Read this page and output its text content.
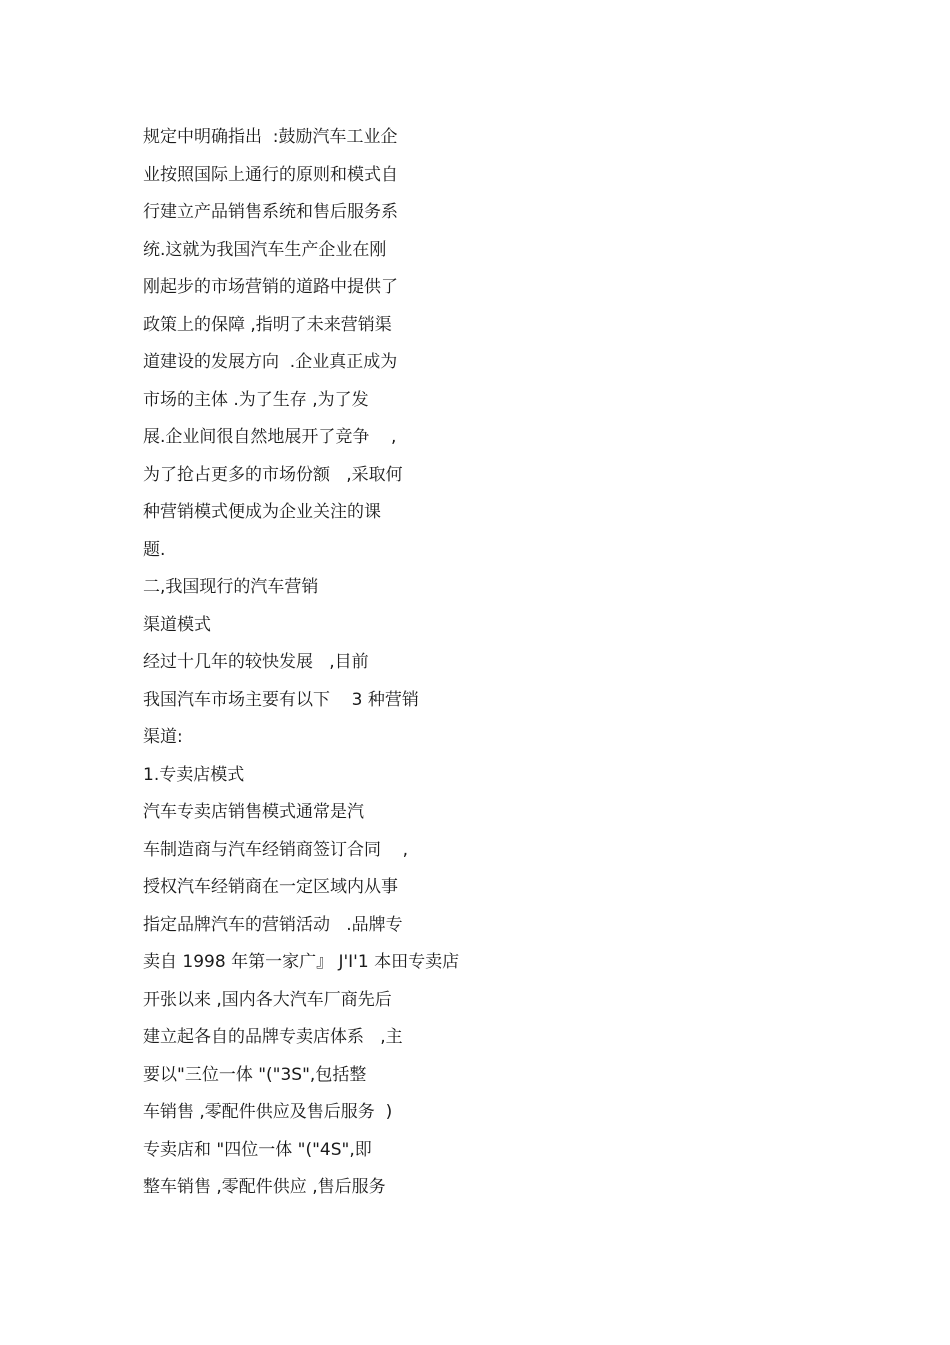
规定中明确指出  :鼓励汽车工业企
业按照国际上通行的原则和模式自
行建立产品销售系统和售后服务系
统.这就为我国汽车生产企业在刚
刚起步的市场营销的道路中提供了
政策上的保障 ,指明了未来营销渠
道建设的发展方向  .企业真正成为
市场的主体 .为了生存 ,为了发
展.企业间很自然地展开了竞争    ,
为了抢占更多的市场份额   ,采取何
种营销模式便成为企业关注的课
题.
二,我国现行的汽车营销
渠道模式
经过十几年的较快发展   ,目前
我国汽车市场主要有以下    3 种营销
渠道:
1.专卖店模式
汽车专卖店销售模式通常是汽
车制造商与汽车经销商签订合同    ,
授权汽车经销商在一定区域内从事
指定品牌汽车的营销活动   .品牌专
卖自 1998 年第一家广』 J'I'1 本田专卖店
开张以来 ,国内各大汽车厂商先后
建立起各自的品牌专卖店体系   ,主
要以"三位一体 "("3S",包括整
车销售 ,零配件供应及售后服务  )
专卖店和 "四位一体 "("4S",即
整车销售 ,零配件供应 ,售后服务
